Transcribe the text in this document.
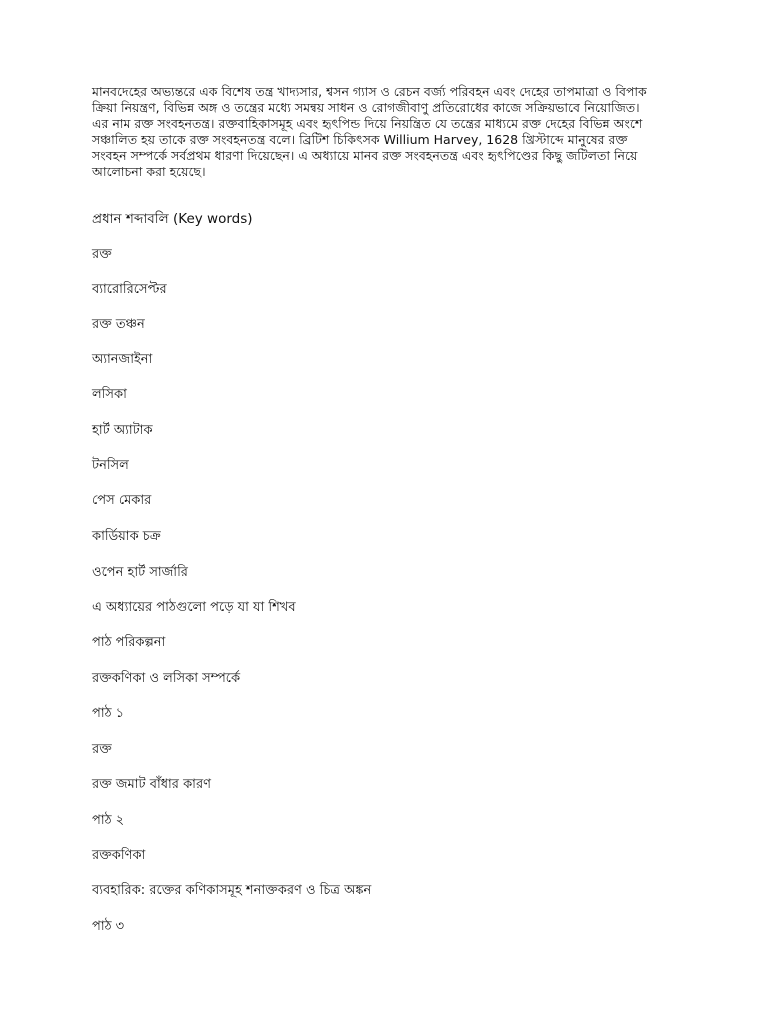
মানবদেহের অভ্যন্তরে এক বিশেষ তন্ত্র খাদ্যসার, শ্বসন গ্যাস ও রেচন বর্জ্য পরিবহন এবং দেহের তাপমাত্রা ও বিপাক
ক্রিয়া নিয়ন্ত্রণ, বিভিন্ন অঙ্গ ও তন্ত্রের মধ্যে সমন্বয় সাধন ও রোগজীবাণু প্রতিরোধের কাজে সক্রিয়ভাবে নিয়োজিত।
এর নাম রক্ত সংবহনতন্ত্র। রক্তবাহিকাসমূহ এবং হৃৎপিন্ড দিয়ে নিয়ন্ত্রিত যে তন্ত্রের মাধ্যমে রক্ত দেহের বিভিন্ন অংশে
সঞ্চালিত হয় তাকে রক্ত সংবহনতন্ত্র বলে। ব্রিটিশ চিকিৎসক Willium Harvey, 1628 খ্রিস্টাব্দে মানুষের রক্ত
সংবহন সম্পর্কে সর্বপ্রথম ধারণা দিয়েছেন। এ অধ্যায়ে মানব রক্ত সংবহনতন্ত্র এবং হৃৎপিণ্ডের কিছু জটিলতা নিয়ে
আলোচনা করা হয়েছে।

প্রধান শব্দাবলি (Key words)

রক্ত

ব্যারোরিসেপ্টর

রক্ত তঞ্চন

অ্যানজাইনা

লসিকা

হার্ট অ্যাটাক

টনসিল

পেস মেকার

কার্ডিয়াক চক্র

ওপেন হার্ট সার্জারি

এ অধ্যায়ের পাঠগুলো পড়ে যা যা শিখব

পাঠ পরিকল্পনা

রক্তকণিকা ও লসিকা সম্পর্কে

পাঠ ১

রক্ত

রক্ত জমাট বাঁধার কারণ

পাঠ ২

রক্তকণিকা

ব্যবহারিক: রক্তের কণিকাসমূহ শনাক্তকরণ ও চিত্র অঙ্কন

পাঠ ৩
